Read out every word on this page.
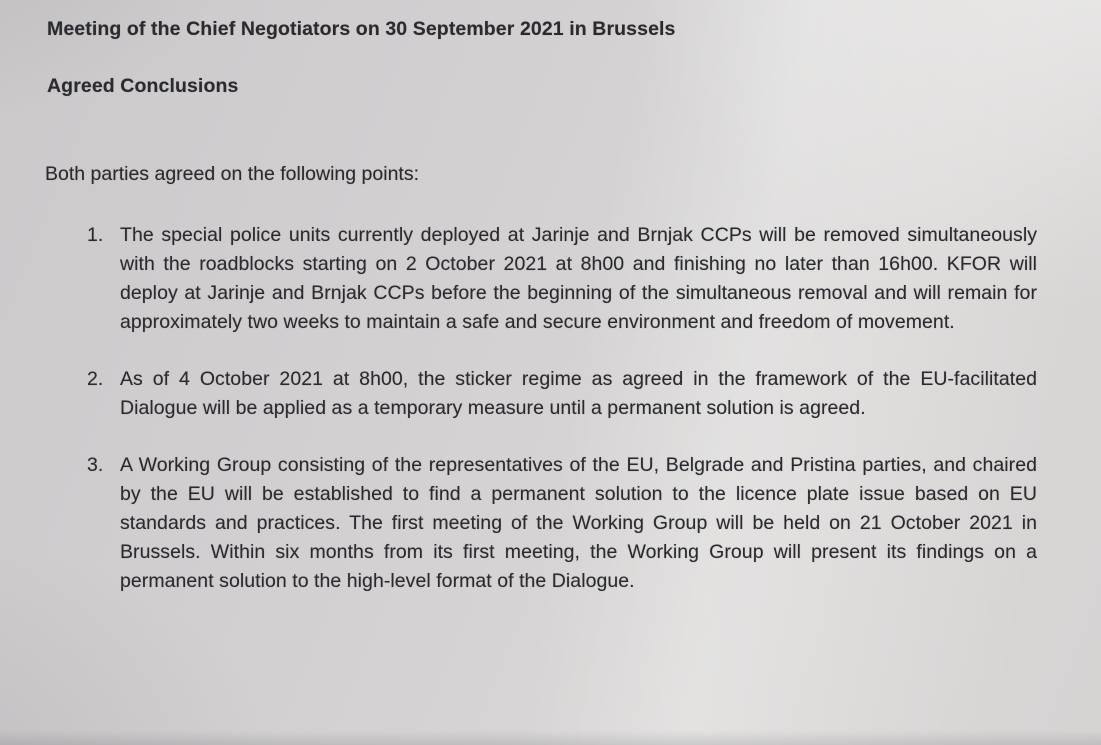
Meeting of the Chief Negotiators on 30 September 2021 in Brussels
Agreed Conclusions

Both parties agreed on the following points:

1. The special police units currently deployed at Jarinje and Brnjak CCPs will be removed simultaneously with the roadblocks starting on 2 October 2021 at 8h00 and finishing no later than 16h00. KFOR will deploy at Jarinje and Brnjak CCPs before the beginning of the simultaneous removal and will remain for approximately two weeks to maintain a safe and secure environment and freedom of movement.

2. As of 4 October 2021 at 8h00, the sticker regime as agreed in the framework of the EU-facilitated Dialogue will be applied as a temporary measure until a permanent solution is agreed.

3. A Working Group consisting of the representatives of the EU, Belgrade and Pristina parties, and chaired by the EU will be established to find a permanent solution to the licence plate issue based on EU standards and practices. The first meeting of the Working Group will be held on 21 October 2021 in Brussels. Within six months from its first meeting, the Working Group will present its findings on a permanent solution to the high-level format of the Dialogue.
